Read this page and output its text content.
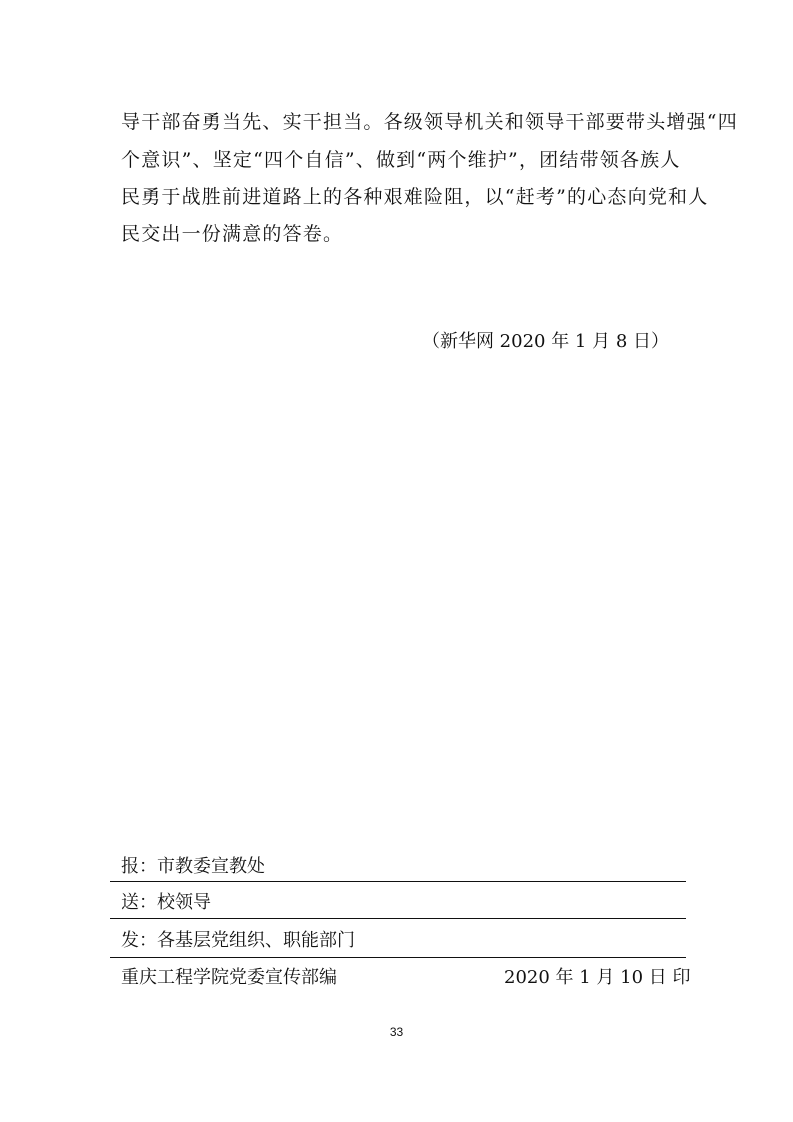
导干部奋勇当先、实干担当。各级领导机关和领导干部要带头增强“四
个意识”、坚定“四个自信”、做到“两个维护”，团结带领各族人
民勇于战胜前进道路上的各种艰难险阻，以“赶考”的心态向党和人
民交出一份满意的答卷。
（新华网 2020 年 1 月 8 日）
报：市教委宣教处
送：校领导
发：各基层党组织、职能部门
重庆工程学院党委宣传部编	2020 年 1 月 10 日 印
33
